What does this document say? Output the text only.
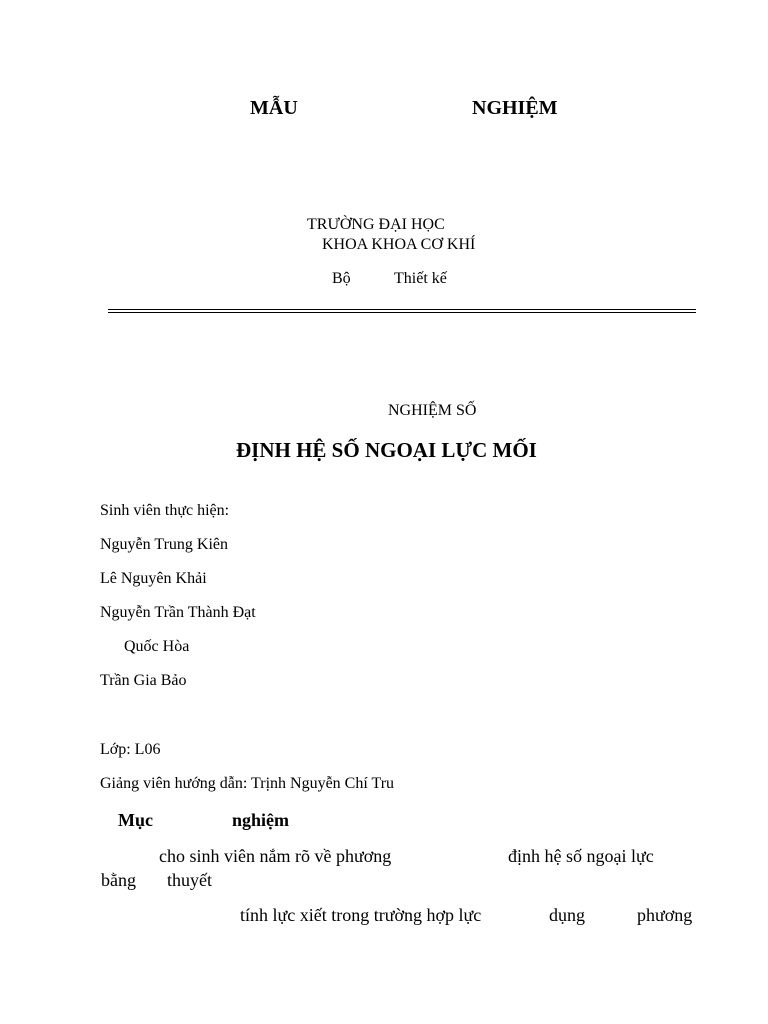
MẪU	NGHIỆM
TRƯỜNG ĐẠI HỌC
KHOA KHOA CƠ KHÍ
Bộ	Thiết kế
NGHIỆM SỐ
ĐỊNH HỆ SỐ NGOẠI LỰC MỐI
Sinh viên thực hiện:
Nguyễn Trung Kiên
Lê Nguyên Khải
Nguyễn Trần Thành Đạt
Quốc Hòa
Trần Gia Bảo
Lớp: L06
Giảng viên hướng dẫn: Trịnh Nguyễn Chí Tru
Mục	nghiệm
cho sinh viên nắm rõ về phương	định hệ số ngoại lực
bằng thuyết
tính lực xiết trong trường hợp lực	dụng	phương
